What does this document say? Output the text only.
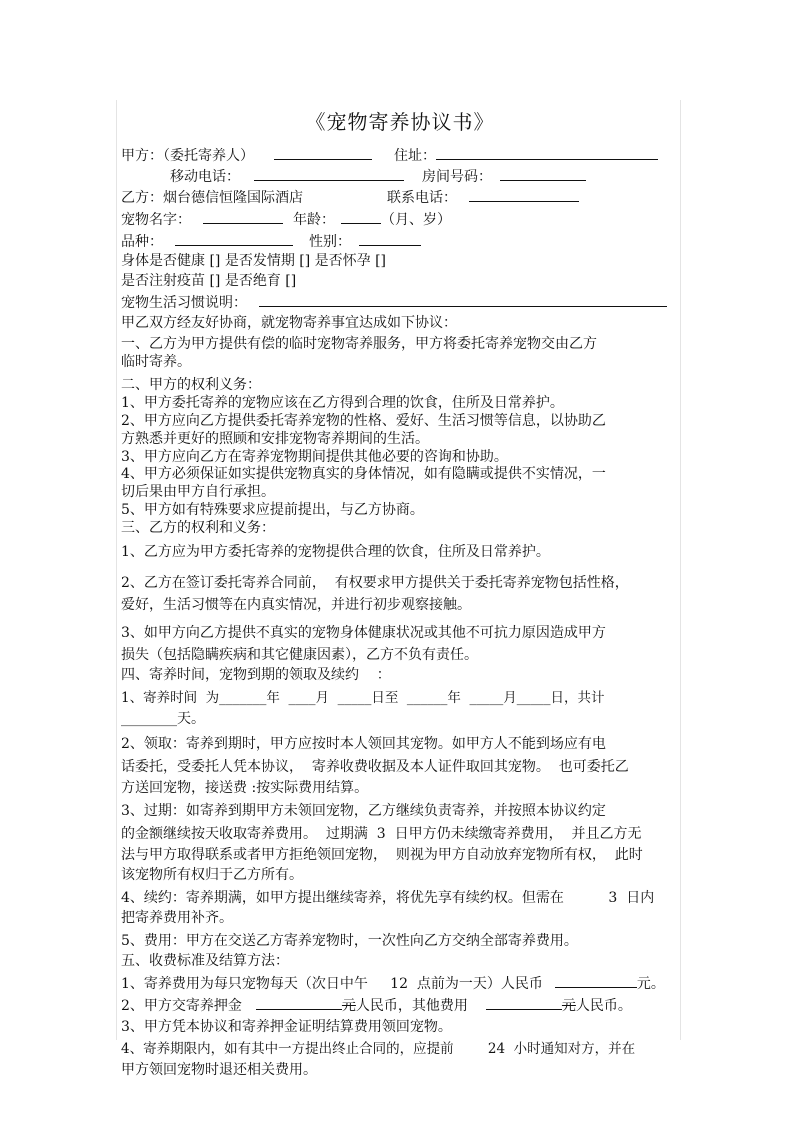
《宠物寄养协议书》
甲方：（委托寄养人）	住址：
移动电话：	房间号码：
乙方：烟台德信恒隆国际酒店	联系电话：
宠物名字：	年龄：	（月、岁）
品种：	性别：
身体是否健康 [] 是否发情期 [] 是否怀孕 []
是否注射疫苗 [] 是否绝育 []
宠物生活习惯说明：
甲乙双方经友好协商，就宠物寄养事宜达成如下协议：
一、乙方为甲方提供有偿的临时宠物寄养服务，甲方将委托寄养宠物交由乙方
临时寄养。
二、甲方的权利义务：
1、甲方委托寄养的宠物应该在乙方得到合理的饮食，住所及日常养护。
2、甲方应向乙方提供委托寄养宠物的性格、爱好、生活习惯等信息，以协助乙
方熟悉并更好的照顾和安排宠物寄养期间的生活。
3、甲方应向乙方在寄养宠物期间提供其他必要的咨询和协助。
4、甲方必须保证如实提供宠物真实的身体情况，如有隐瞒或提供不实情况，一
切后果由甲方自行承担。
5、甲方如有特殊要求应提前提出，与乙方协商。
三、乙方的权利和义务：
1、乙方应为甲方委托寄养的宠物提供合理的饮食，住所及日常养护。
2、乙方在签订委托寄养合同前，  有权要求甲方提供关于委托寄养宠物包括性格，
爱好，生活习惯等在内真实情况，并进行初步观察接触。
3、如甲方向乙方提供不真实的宠物身体健康状况或其他不可抗力原因造成甲方
损失（包括隐瞒疾病和其它健康因素），乙方不负有责任。
四、寄养时间，宠物到期的领取及续约    ：
1、寄养时间  为_______年  ____月  _____日至  ______年  _____月_____日，共计
________天。
2、领取：寄养到期时，甲方应按时本人领回其宠物。如甲方人不能到场应有电
话委托，受委托人凭本协议，  寄养收费收据及本人证件取回其宠物。  也可委托乙
方送回宠物，接送费 :按实际费用结算。
3、过期：如寄养到期甲方未领回宠物，乙方继续负责寄养，并按照本协议约定
的金额继续按天收取寄养费用。  过期满  3  日甲方仍未续缴寄养费用，  并且乙方无
法与甲方取得联系或者甲方拒绝领回宠物，  则视为甲方自动放弃宠物所有权，  此时
该宠物所有权归于乙方所有。
4、续约：寄养期满，如甲方提出继续寄养，将优先享有续约权。但需在          3  日内
把寄养费用补齐。
5、费用：甲方在交送乙方寄养宠物时，一次性向乙方交纳全部寄养费用。
五、收费标准及结算方法：
1、寄养费用为每只宠物每天（次日中午     12  点前为一天）人民币	元。
2、甲方交寄养押金	元人民币，其他费用	元人民币。
3、甲方凭本协议和寄养押金证明结算费用领回宠物。
4、寄养期限内，如有其中一方提出终止合同的，应提前        24  小时通知对方，并在
甲方领回宠物时退还相关费用。
